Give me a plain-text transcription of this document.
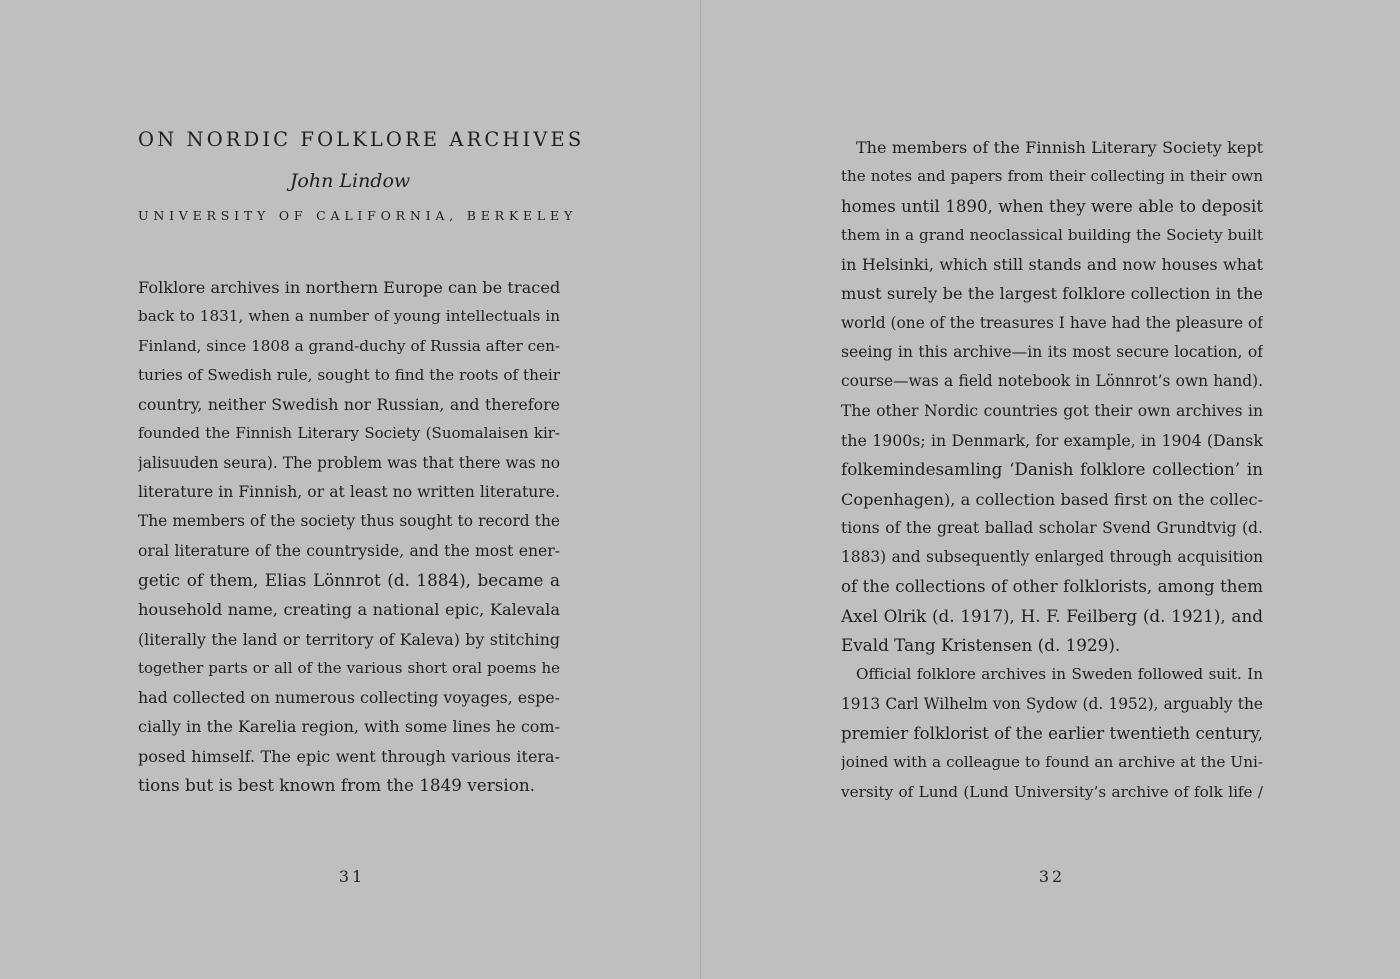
ON NORDIC FOLKLORE ARCHIVES
John Lindow
UNIVERSITY OF CALIFORNIA, BERKELEY
Folklore archives in northern Europe can be traced
back to 1831, when a number of young intellectuals in
Finland, since 1808 a grand-duchy of Russia after cen-
turies of Swedish rule, sought to find the roots of their
country, neither Swedish nor Russian, and therefore
founded the Finnish Literary Society (Suomalaisen kir-
jalisuuden seura). The problem was that there was no
literature in Finnish, or at least no written literature.
The members of the society thus sought to record the
oral literature of the countryside, and the most ener-
getic of them, Elias Lönnrot (d. 1884), became a
household name, creating a national epic, Kalevala
(literally the land or territory of Kaleva) by stitching
together parts or all of the various short oral poems he
had collected on numerous collecting voyages, espe-
cially in the Karelia region, with some lines he com-
posed himself. The epic went through various itera-
tions but is best known from the 1849 version.
31
The members of the Finnish Literary Society kept
the notes and papers from their collecting in their own
homes until 1890, when they were able to deposit
them in a grand neoclassical building the Society built
in Helsinki, which still stands and now houses what
must surely be the largest folklore collection in the
world (one of the treasures I have had the pleasure of
seeing in this archive—in its most secure location, of
course—was a field notebook in Lönnrot’s own hand).
The other Nordic countries got their own archives in
the 1900s; in Denmark, for example, in 1904 (Dansk
folkemindesamling ‘Danish folklore collection’ in
Copenhagen), a collection based first on the collec-
tions of the great ballad scholar Svend Grundtvig (d.
1883) and subsequently enlarged through acquisition
of the collections of other folklorists, among them
Axel Olrik (d. 1917), H. F. Feilberg (d. 1921), and
Evald Tang Kristensen (d. 1929).
Official folklore archives in Sweden followed suit. In
1913 Carl Wilhelm von Sydow (d. 1952), arguably the
premier folklorist of the earlier twentieth century,
joined with a colleague to found an archive at the Uni-
versity of Lund (Lund University’s archive of folk life /
32
